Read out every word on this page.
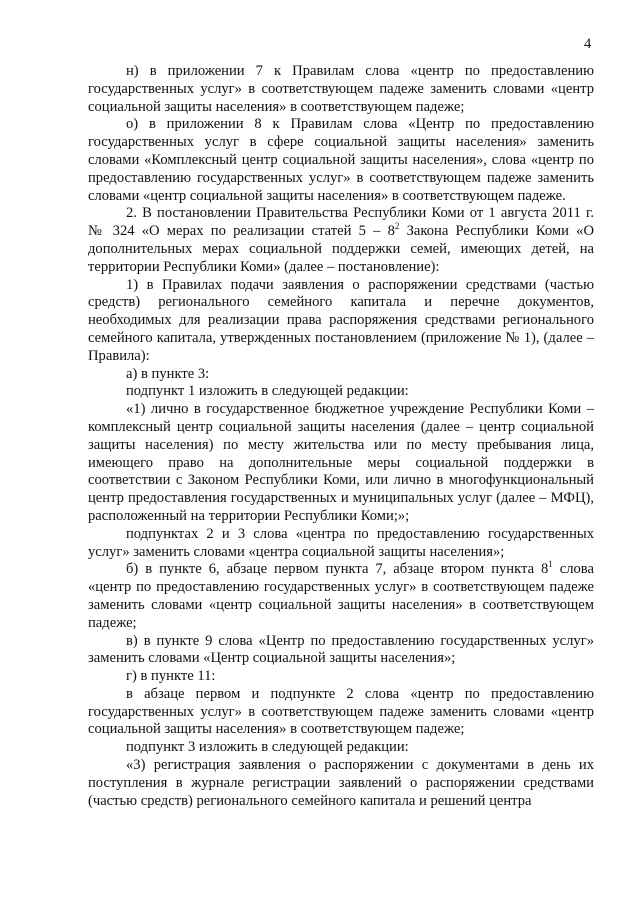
4

н) в приложении 7 к Правилам слова «центр по предоставлению государственных услуг» в соответствующем падеже заменить словами «центр социальной защиты населения» в соответствующем падеже;

о) в приложении 8 к Правилам слова «Центр по предоставлению государственных услуг в сфере социальной защиты населения» заменить словами «Комплексный центр социальной защиты населения», слова «центр по предоставлению государственных услуг» в соответствующем падеже заменить словами «центр социальной защиты населения» в соответствующем падеже.

2. В постановлении Правительства Республики Коми от 1 августа 2011 г. № 324 «О мерах по реализации статей $5 - 8^2$ Закона Республики Коми «О дополнительных мерах социальной поддержки семей, имеющих детей, на территории Республики Коми» (далее – постановление):

1) в Правилах подачи заявления о распоряжении средствами (частью средств) регионального семейного капитала и перечне документов, необходимых для реализации права распоряжения средствами регионального семейного капитала, утвержденных постановлением (приложение № 1), (далее – Правила):

а) в пункте 3:

подпункт 1 изложить в следующей редакции:

«1) лично в государственное бюджетное учреждение Республики Коми – комплексный центр социальной защиты населения (далее – центр социальной защиты населения) по месту жительства или по месту пребывания лица, имеющего право на дополнительные меры социальной поддержки в соответствии с Законом Республики Коми, или лично в многофункциональный центр предоставления государственных и муниципальных услуг (далее – МФЦ), расположенный на территории Республики Коми;»;

подпунктах 2 и 3 слова «центра по предоставлению государственных услуг» заменить словами «центра социальной защиты населения»;

б) в пункте 6, абзаце первом пункта 7, абзаце втором пункта $8^1$ слова «центр по предоставлению государственных услуг» в соответствующем падеже заменить словами «центр социальной защиты населения» в соответствующем падеже;

в) в пункте 9 слова «Центр по предоставлению государственных услуг» заменить словами «Центр социальной защиты населения»;

г) в пункте 11:

в абзаце первом и подпункте 2 слова «центр по предоставлению государственных услуг» в соответствующем падеже заменить словами «центр социальной защиты населения» в соответствующем падеже;

подпункт 3 изложить в следующей редакции:

«3) регистрация заявления о распоряжении с документами в день их поступления в журнале регистрации заявлений о распоряжении средствами (частью средств) регионального семейного капитала и решений центра
